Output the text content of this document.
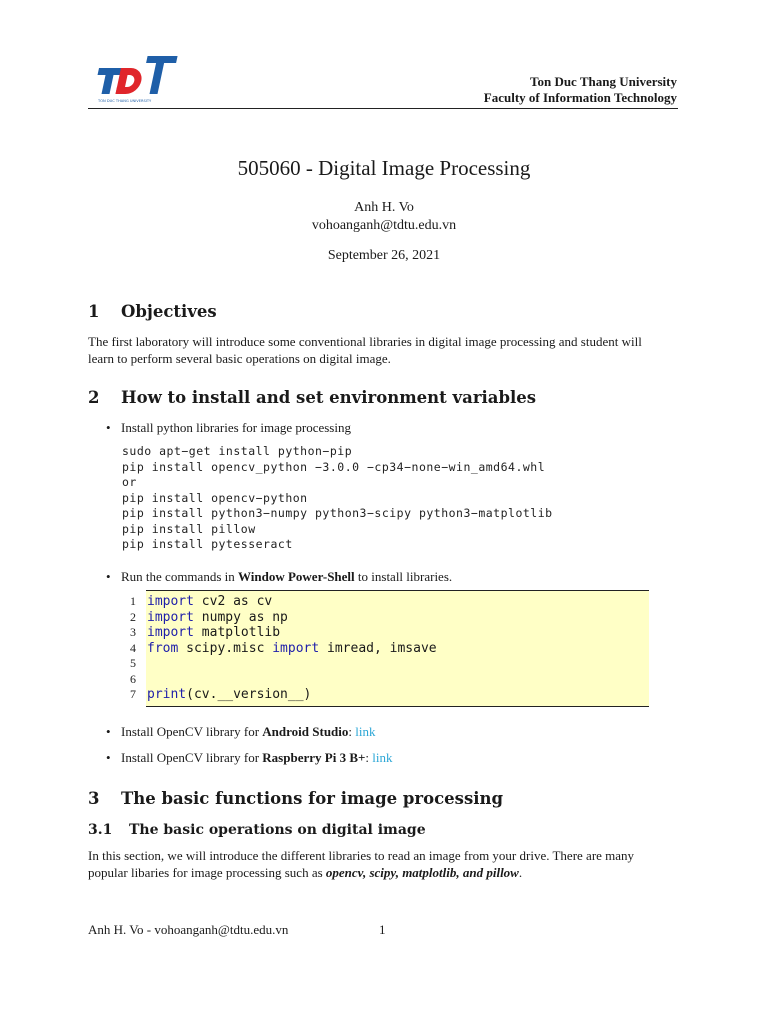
TON DUC THANG UNIVERSITY
Ton Duc Thang University
Faculty of Information Technology
505060 - Digital Image Processing
Anh H. Vo
vohoanganh@tdtu.edu.vn
September 26, 2021
1 Objectives
The first laboratory will introduce some conventional libraries in digital image processing and student will
learn to perform several basic operations on digital image.
2 How to install and set environment variables
• Install python libraries for image processing
sudo apt−get install python−pip
pip install opencv_python −3.0.0 −cp34−none−win_amd64.whl
or
pip install opencv−python
pip install python3−numpy python3−scipy python3−matplotlib
pip install pillow
pip install pytesseract
• Run the commands in Window Power-Shell to install libraries.
1 import cv2 as cv
2 import numpy as np
3 import matplotlib
4 from scipy.misc import imread, imsave
5
6
7 print(cv.__version__)
• Install OpenCV library for Android Studio: link
• Install OpenCV library for Raspberry Pi 3 B+: link
3 The basic functions for image processing
3.1 The basic operations on digital image
In this section, we will introduce the different libraries to read an image from your drive. There are many
popular libaries for image processing such as opencv, scipy, matplotlib, and pillow.
Anh H. Vo - vohoanganh@tdtu.edu.vn	1
